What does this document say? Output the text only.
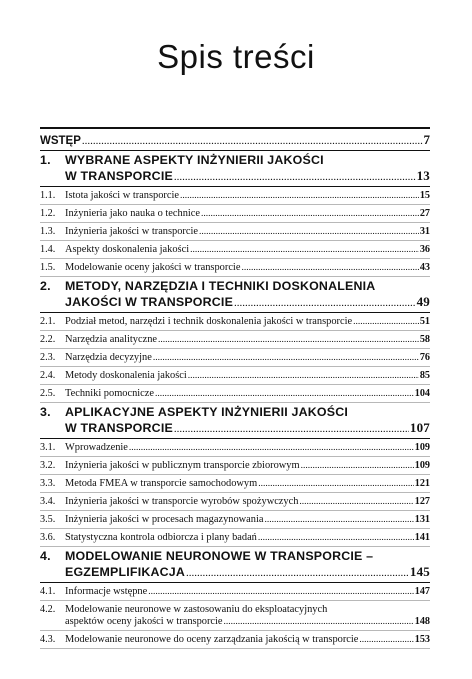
Spis treści
WSTĘP .....	7
1.	WYBRANE ASPEKTY INŻYNIERII JAKOŚCI
W TRANSPORCIE .....	13
1.1. Istota jakości w transporcie .....	15
1.2. Inżynieria jako nauka o technice .....	27
1.3. Inżynieria jakości w transporcie .....	31
1.4. Aspekty doskonalenia jakości .....	36
1.5. Modelowanie oceny jakości w transporcie .....	43
2.	METODY, NARZĘDZIA I TECHNIKI DOSKONALENIA
JAKOŚCI W TRANSPORCIE .....	49
2.1. Podział metod, narzędzi i technik doskonalenia jakości w transporcie .....	51
2.2. Narzędzia analityczne .....	58
2.3. Narzędzia decyzyjne .....	76
2.4. Metody doskonalenia jakości .....	85
2.5. Techniki pomocnicze .....	104
3.	APLIKACYJNE ASPEKTY INŻYNIERII JAKOŚCI
W TRANSPORCIE .....	107
3.1. Wprowadzenie .....	109
3.2. Inżynieria jakości w publicznym transporcie zbiorowym .....	109
3.3. Metoda FMEA w transporcie samochodowym .....	121
3.4. Inżynieria jakości w transporcie wyrobów spożywczych .....	127
3.5. Inżynieria jakości w procesach magazynowania .....	131
3.6. Statystyczna kontrola odbiorcza i plany badań .....	141
4.	MODELOWANIE NEURONOWE W TRANSPORCIE –
EGZEMPLIFIKACJA .....	145
4.1. Informacje wstępne .....	147
4.2. Modelowanie neuronowe w zastosowaniu do eksploatacyjnych
aspektów oceny jakości w transporcie .....	148
4.3. Modelowanie neuronowe do oceny zarządzania jakością w transporcie .....	153
